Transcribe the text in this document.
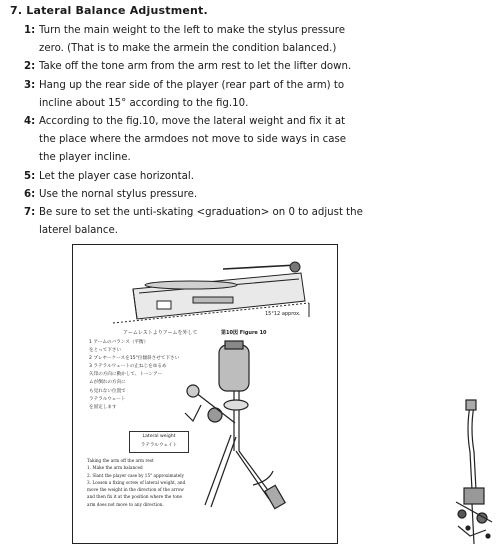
7. Lateral Balance Adjustment.
1: Turn the main weight to the left to make the stylus pressure
zero. (That is to make the armein the condition balanced.)
2: Take off the tone arm from the arm rest to let the lifter down.
3: Hang up the rear side of the player (rear part of the arm) to
incline about 15° according to the fig.10.
4: According to the fig.10, move the lateral weight and fix it at
the place where the armdoes not move to side ways in case
the player incline.
5: Let the player case horizontal.
6: Use the nornal stylus pressure.
7: Be sure to set the unti-skating <graduation> on 0 to adjust the
laterel balance.
15°12 approx.
アームレストよりアームを外して	第10図 Figure 10
1 アームのバランス（平衡）
をとって下さい
2 プレヤーケースを15°位傾斜させて下さい
3 ラテラルウェートの止ねじをゆるめ
矢印の方向に動かして、トーンアー
ムが倒れの方向に
も見れない位置で
ラテラルウェート
を固定します
Lateral weight
ラテラルウェイト
Taking the arm off the arm rest
1. Make the arm balanced
2. Slant the player case by 15° approximately
3. Loosen a fixing screw of lateral weight, and
move the weight in the direction of the arrow
and then fix it at the position where the tone
arm does not move to any direction.
